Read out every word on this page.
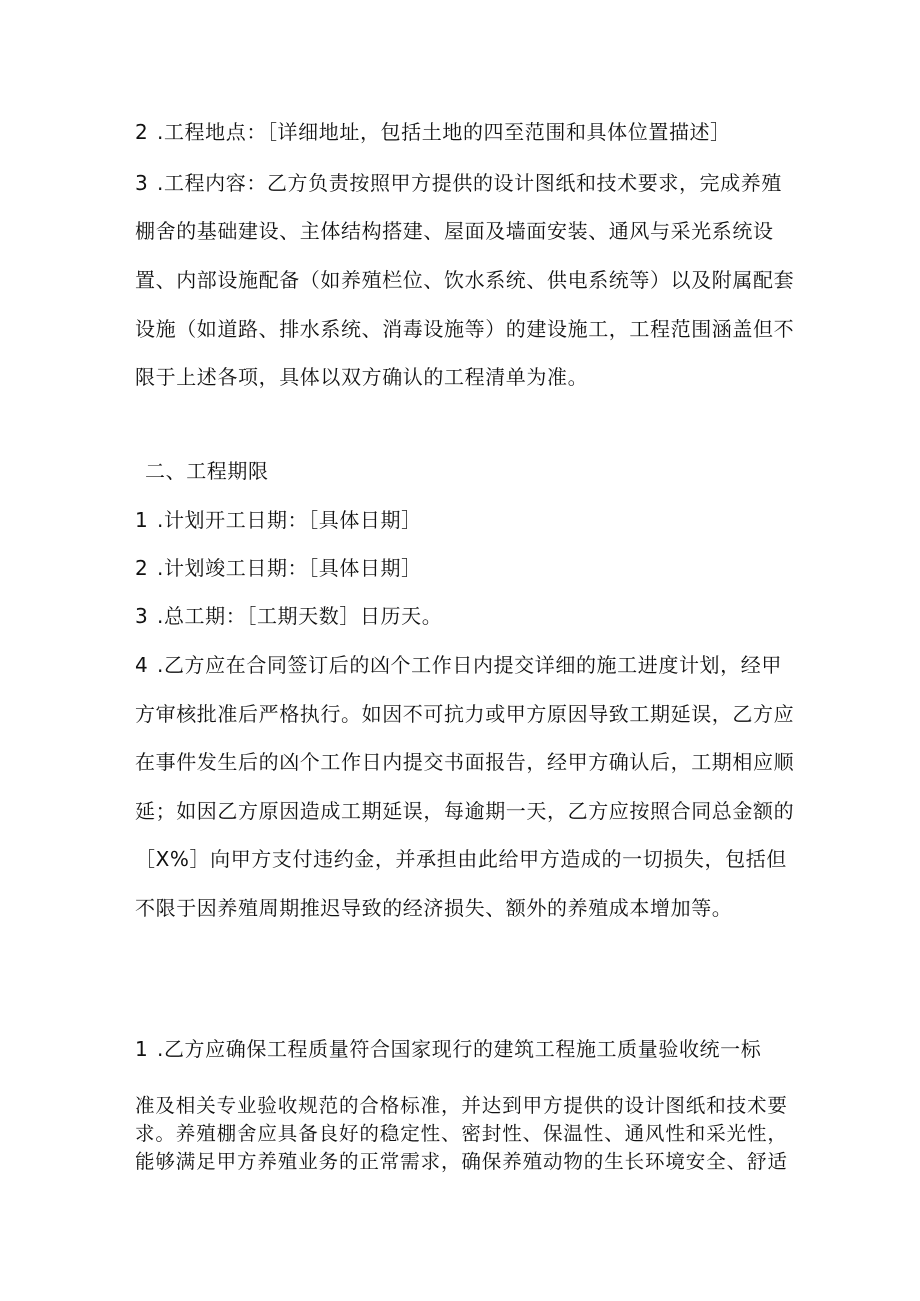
2 .工程地点：［详细地址，包括土地的四至范围和具体位置描述］
3 .工程内容：乙方负责按照甲方提供的设计图纸和技术要求，完成养殖
棚舍的基础建设、主体结构搭建、屋面及墙面安装、通风与采光系统设
置、内部设施配备（如养殖栏位、饮水系统、供电系统等）以及附属配套
设施（如道路、排水系统、消毒设施等）的建设施工，工程范围涵盖但不
限于上述各项，具体以双方确认的工程清单为准。
二、工程期限
1 .计划开工日期：［具体日期］
2 .计划竣工日期：［具体日期］
3 .总工期：［工期天数］日历天。
4 .乙方应在合同签订后的凶个工作日内提交详细的施工进度计划，经甲
方审核批准后严格执行。如因不可抗力或甲方原因导致工期延误，乙方应
在事件发生后的凶个工作日内提交书面报告，经甲方确认后，工期相应顺
延；如因乙方原因造成工期延误，每逾期一天，乙方应按照合同总金额的
［X%］向甲方支付违约金，并承担由此给甲方造成的一切损失，包括但
不限于因养殖周期推迟导致的经济损失、额外的养殖成本增加等。
1 .乙方应确保工程质量符合国家现行的建筑工程施工质量验收统一标
准及相关专业验收规范的合格标准，并达到甲方提供的设计图纸和技术要
求。养殖棚舍应具备良好的稳定性、密封性、保温性、通风性和采光性，
能够满足甲方养殖业务的正常需求，确保养殖动物的生长环境安全、舒适
